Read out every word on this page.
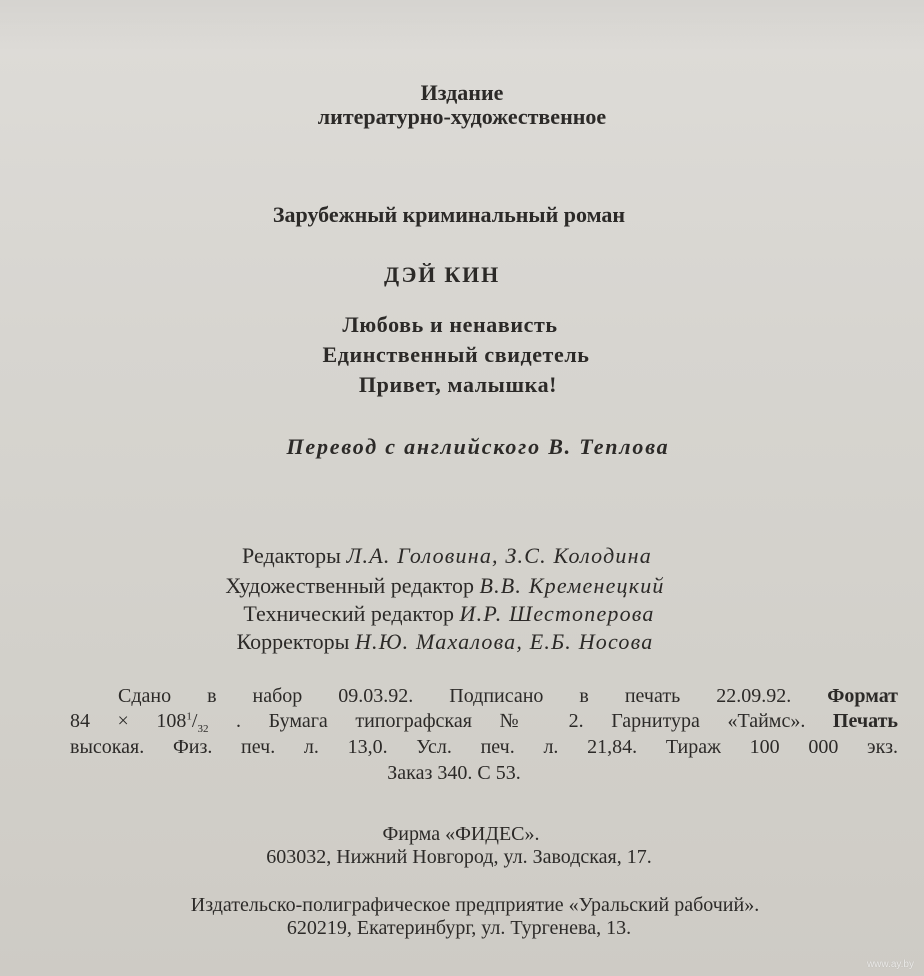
Издание
литературно-художественное
Зарубежный криминальный роман
ДЭЙ КИН
Любовь и ненависть
Единственный свидетель
Привет, малышка!
Перевод с английского В. Теплова
Редакторы Л.А. Головина, З.С. Колодина
Художественный редактор В.В. Кременецкий
Технический редактор И.Р. Шестоперова
Корректоры Н.Ю. Махалова, Е.Б. Носова
Сдано в набор 09.03.92. Подписано в печать 22.09.92. Формат
$84 \times 108^1/_{32}$ . Бумага типографская № 2. Гарнитура «Таймс». Печать
высокая. Физ. печ. л. 13,0. Усл. печ. л. 21,84. Тираж 100 000 экз.
Заказ 340. С 53.
Фирма «ФИДЕС».
603032, Нижний Новгород, ул. Заводская, 17.
Издательско-полиграфическое предприятие «Уральский рабочий».
620219, Екатеринбург, ул. Тургенева, 13.
www.ay.by
